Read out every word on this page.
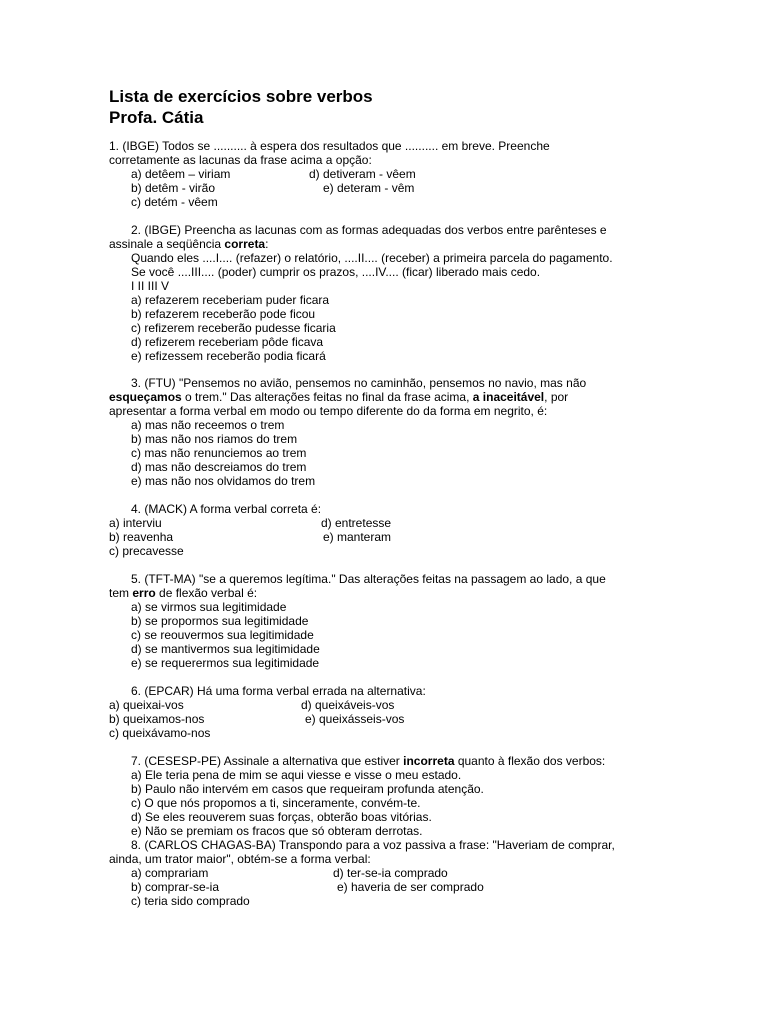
Lista de exercícios sobre verbos
Profa. Cátia
1. (IBGE) Todos se .......... à espera dos resultados que .......... em breve. Preenche
corretamente as lacunas da frase acima a opção:
a) detêem – viriam	d) detiveram - vêem
b) detêm - virão	e) deteram - vêm
c) detém - vêem
2. (IBGE) Preencha as lacunas com as formas adequadas dos verbos entre parênteses e
assinale a seqüência correta:
Quando eles ....I.... (refazer) o relatório, ....II.... (receber) a primeira parcela do pagamento.
Se você ....III.... (poder) cumprir os prazos, ....IV.... (ficar) liberado mais cedo.
I II III V
a) refazerem receberiam puder ficara
b) refazerem receberão pode ficou
c) refizerem receberão pudesse ficaria
d) refizerem receberiam pôde ficava
e) refizessem receberão podia ficará
3. (FTU) "Pensemos no avião, pensemos no caminhão, pensemos no navio, mas não
esqueçamos o trem." Das alterações feitas no final da frase acima, a inaceitável, por
apresentar a forma verbal em modo ou tempo diferente do da forma em negrito, é:
a) mas não receemos o trem
b) mas não nos riamos do trem
c) mas não renunciemos ao trem
d) mas não descreiamos do trem
e) mas não nos olvidamos do trem
4. (MACK) A forma verbal correta é:
a) interviu	d) entretesse
b) reavenha	e) manteram
c) precavesse
5. (TFT-MA) "se a queremos legítima." Das alterações feitas na passagem ao lado, a que
tem erro de flexão verbal é:
a) se virmos sua legitimidade
b) se propormos sua legitimidade
c) se reouvermos sua legitimidade
d) se mantivermos sua legitimidade
e) se requerermos sua legitimidade
6. (EPCAR) Há uma forma verbal errada na alternativa:
a) queixai-vos	d) queixáveis-vos
b) queixamos-nos	e) queixásseis-vos
c) queixávamo-nos
7. (CESESP-PE) Assinale a alternativa que estiver incorreta quanto à flexão dos verbos:
a) Ele teria pena de mim se aqui viesse e visse o meu estado.
b) Paulo não intervém em casos que requeiram profunda atenção.
c) O que nós propomos a ti, sinceramente, convém-te.
d) Se eles reouverem suas forças, obterão boas vitórias.
e) Não se premiam os fracos que só obteram derrotas.
8. (CARLOS CHAGAS-BA) Transpondo para a voz passiva a frase: "Haveriam de comprar,
ainda, um trator maior", obtém-se a forma verbal:
a) comprariam	d) ter-se-ia comprado
b) comprar-se-ia	e) haveria de ser comprado
c) teria sido comprado
